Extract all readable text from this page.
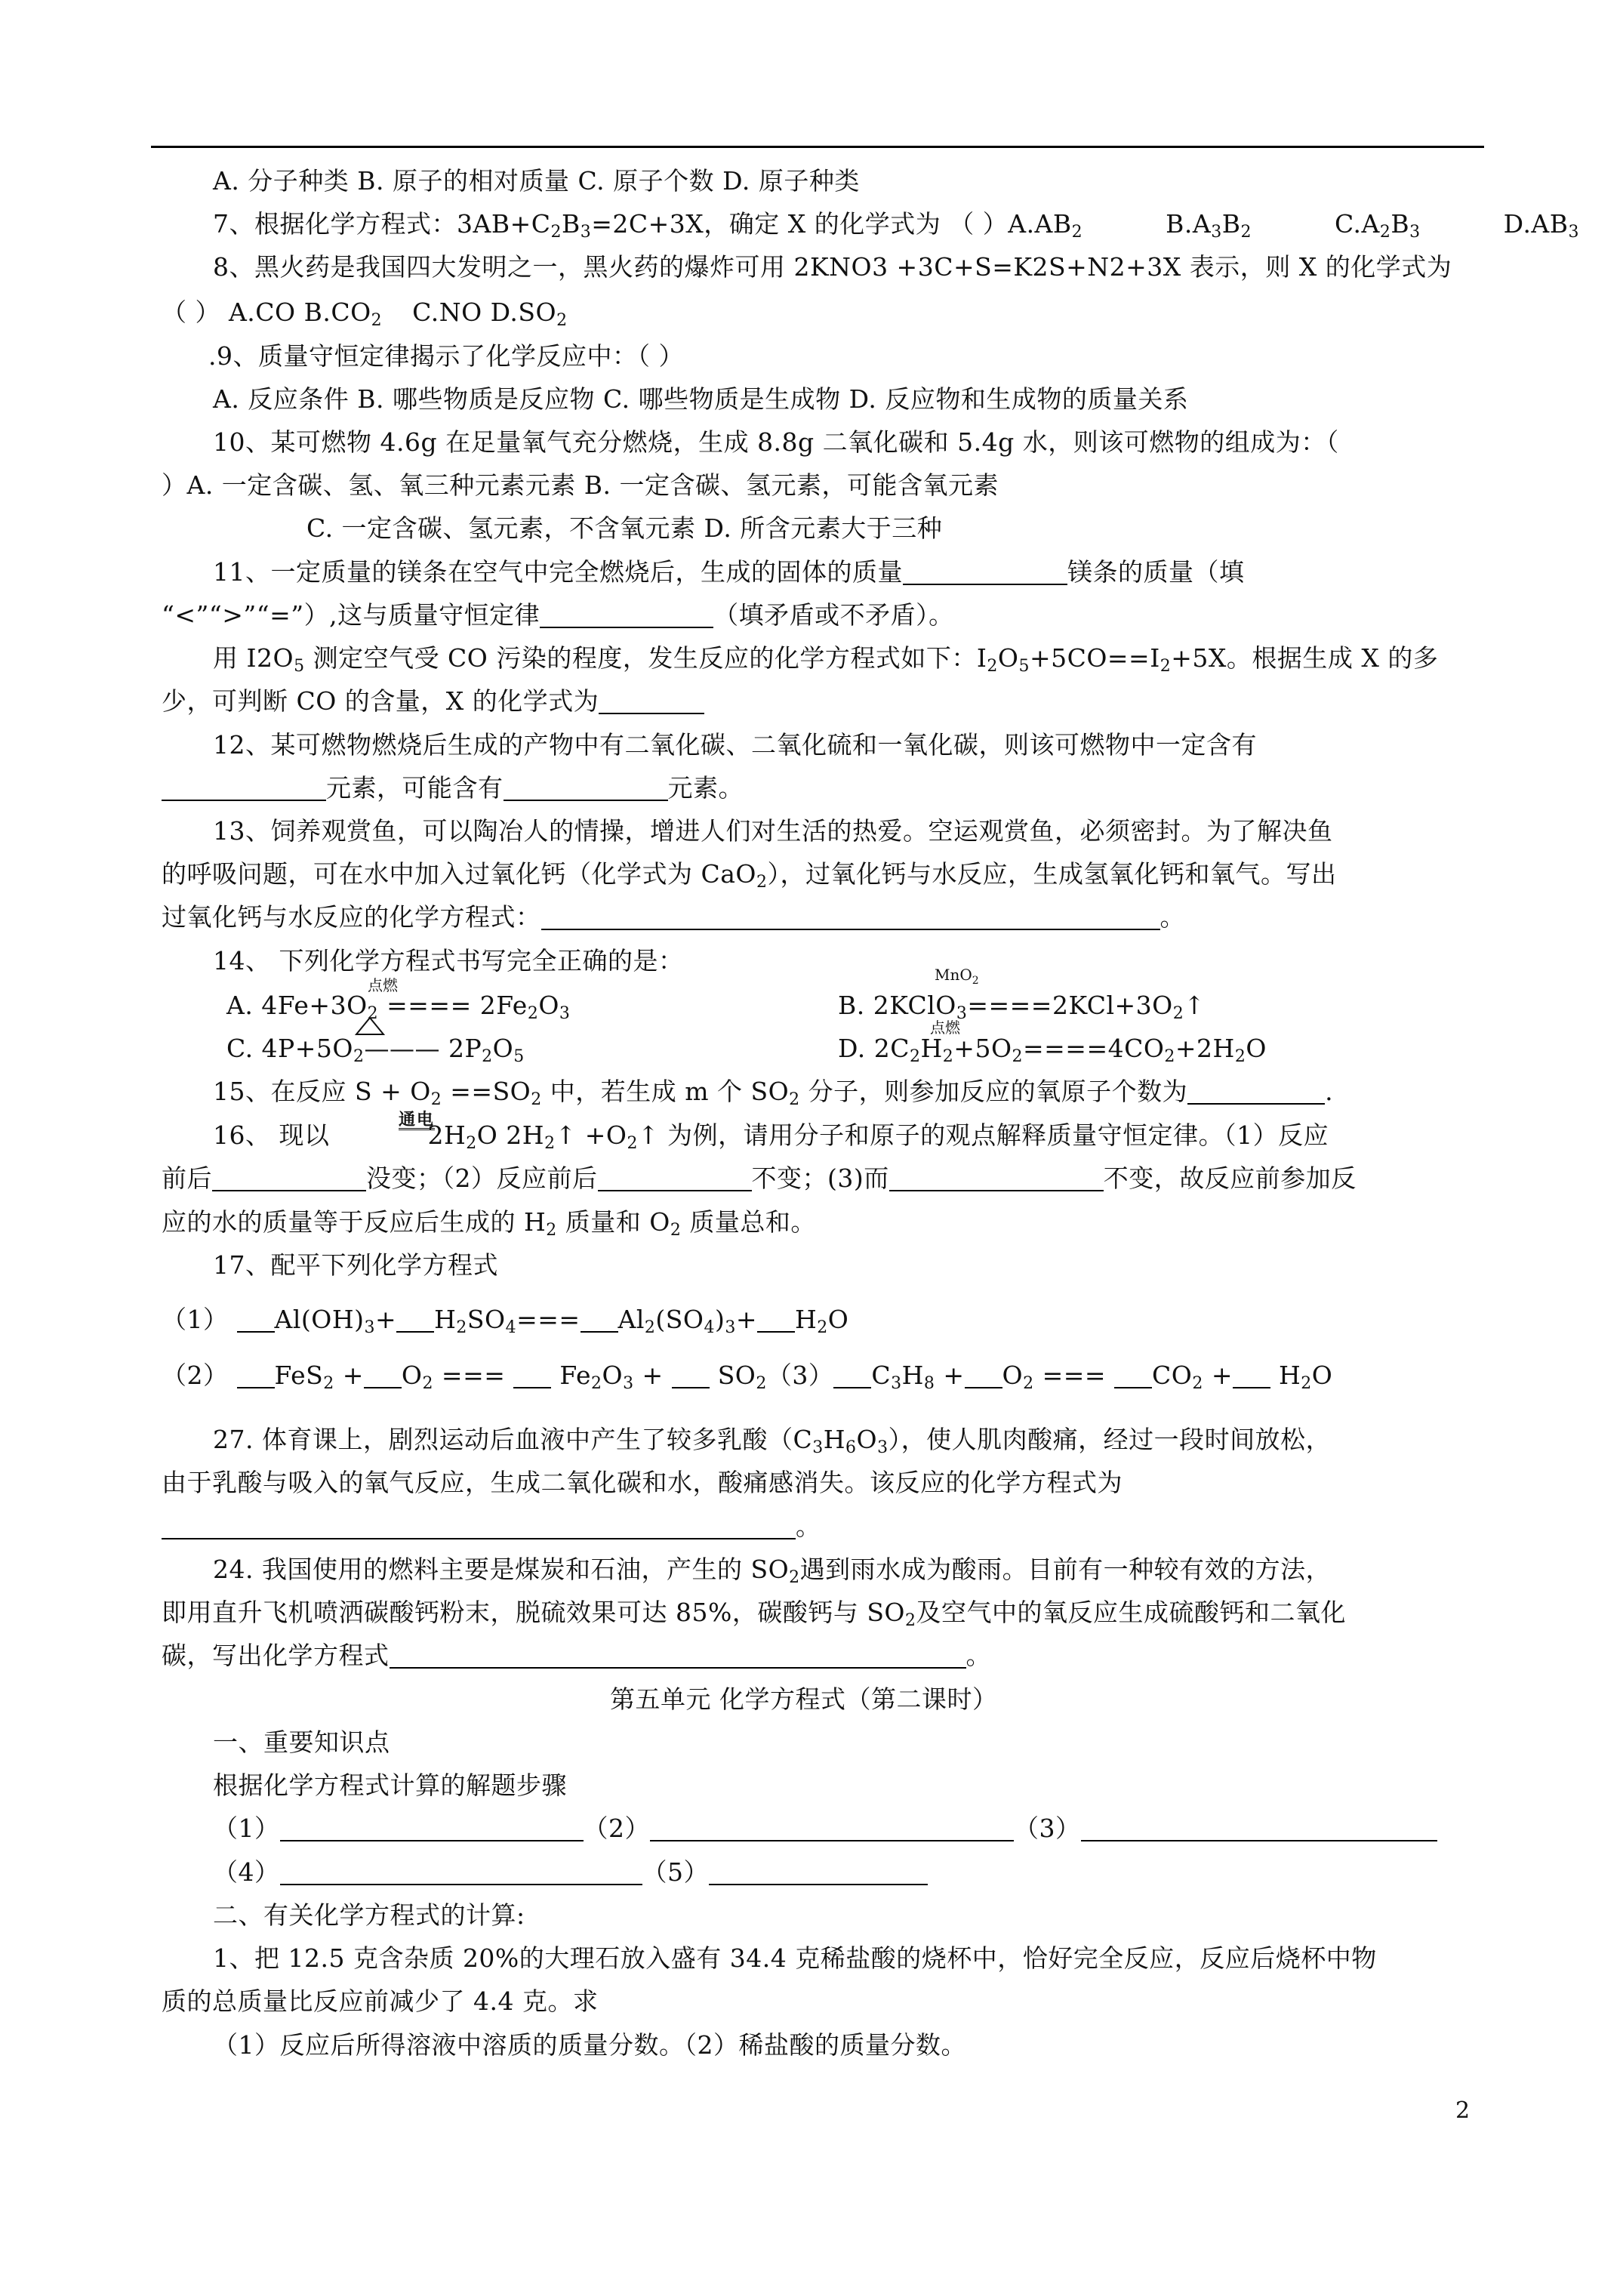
A. 分子种类 B. 原子的相对质量 C. 原子个数 D. 原子种类
7、根据化学方程式：$3AB+C_2B_3=2C+3X$，确定 X 的化学式为 （ ）$A.AB_2$	$B.A_3B_2$	$C.A_2B_3$	$D.AB_3$
8、黑火药是我国四大发明之一，黑火药的爆炸可用 2KNO3 +3C+S=K2S+N2+3X 表示，则 X 的化学式为
（ ） A.CO $B.CO_2$ C.NO $D.SO_2$
.9、质量守恒定律揭示了化学反应中：（ ）
A. 反应条件 B. 哪些物质是反应物 C. 哪些物质是生成物 D. 反应物和生成物的质量关系
10、某可燃物 4.6g 在足量氧气充分燃烧，生成 8.8g 二氧化碳和 5.4g 水，则该可燃物的组成为：（
）A. 一定含碳、氢、氧三种元素元素 B. 一定含碳、氢元素，可能含氧元素
C. 一定含碳、氢元素，不含氧元素 D. 所含元素大于三种
11、一定质量的镁条在空气中完全燃烧后，生成的固体的质量	镁条的质量（填
“<”“>”“=”）,这与质量守恒定律	（填矛盾或不矛盾）。
用 $I2O_5$ 测定空气受 CO 污染的程度，发生反应的化学方程式如下：$I_2O_5+5CO==I_2+5X$。根据生成 X 的多
少，可判断 CO 的含量，X 的化学式为
12、某可燃物燃烧后生成的产物中有二氧化碳、二氧化硫和一氧化碳，则该可燃物中一定含有
元素，可能含有	元素。
13、饲养观赏鱼，可以陶冶人的情操，增进人们对生活的热爱。空运观赏鱼，必须密封。为了解决鱼
的呼吸问题，可在水中加入过氧化钙（化学式为 CaO$_2$），过氧化钙与水反应，生成氢氧化钙和氧气。写出
过氧化钙与水反应的化学方程式：	。
14、 下列化学方程式书写完全正确的是：	MnO$_2$
点燃
A. $4Fe+3O_2$ ==== $2Fe_2O_3$	B. $2KClO_3====2KCl+3O_2↑$
点燃
C. $4P+5O_2———$ $2P_2O_5$	D. $2C_2H_2+5O_2====4CO_2+2H_2O$
15、在反应 $S + O_2 ==SO_2$ 中，若生成 m 个 $SO_2$ 分子，则参加反应的氧原子个数为	.
通电
16、 现以	$2H_2O$ $2H_2↑$ $+O_2↑$ 为例，请用分子和原子的观点解释质量守恒定律。（1）反应
前后	没变；（2）反应前后	不变；(3)而	不变，故反应前参加反
应的水的质量等于反应后生成的 $H_2$ 质量和 $O_2$ 质量总和。
17、配平下列化学方程式
（1） $Al(OH)_3+ H_2SO_4=== Al_2(SO_4)_3+ H_2O$
（2） $FeS_2 + O_2$ ===  $Fe_2O_3 + SO_2(3) C_3H_8 + O_2$ === $CO_2 + H_2O$
27. 体育课上，剧烈运动后血液中产生了较多乳酸$(C_3H_6O_3)$，使人肌肉酸痛，经过一段时间放松，
由于乳酸与吸入的氧气反应，生成二氧化碳和水，酸痛感消失。该反应的化学方程式为
。
24. 我国使用的燃料主要是煤炭和石油，产生的 $SO_2$遇到雨水成为酸雨。目前有一种较有效的方法，
即用直升飞机喷洒碳酸钙粉末，脱硫效果可达 85%，碳酸钙与 $SO_2$及空气中的氧反应生成硫酸钙和二氧化
碳，写出化学方程式	。
第五单元 化学方程式（第二课时）
一、重要知识点
根据化学方程式计算的解题步骤
（1）	（2）	（3）
（4）	（5）
二、有关化学方程式的计算:
1、把 12.5 克含杂质 20%的大理石放入盛有 34.4 克稀盐酸的烧杯中，恰好完全反应，反应后烧杯中物
质的总质量比反应前减少了 4.4 克。求
（1）反应后所得溶液中溶质的质量分数。（2）稀盐酸的质量分数。
2
